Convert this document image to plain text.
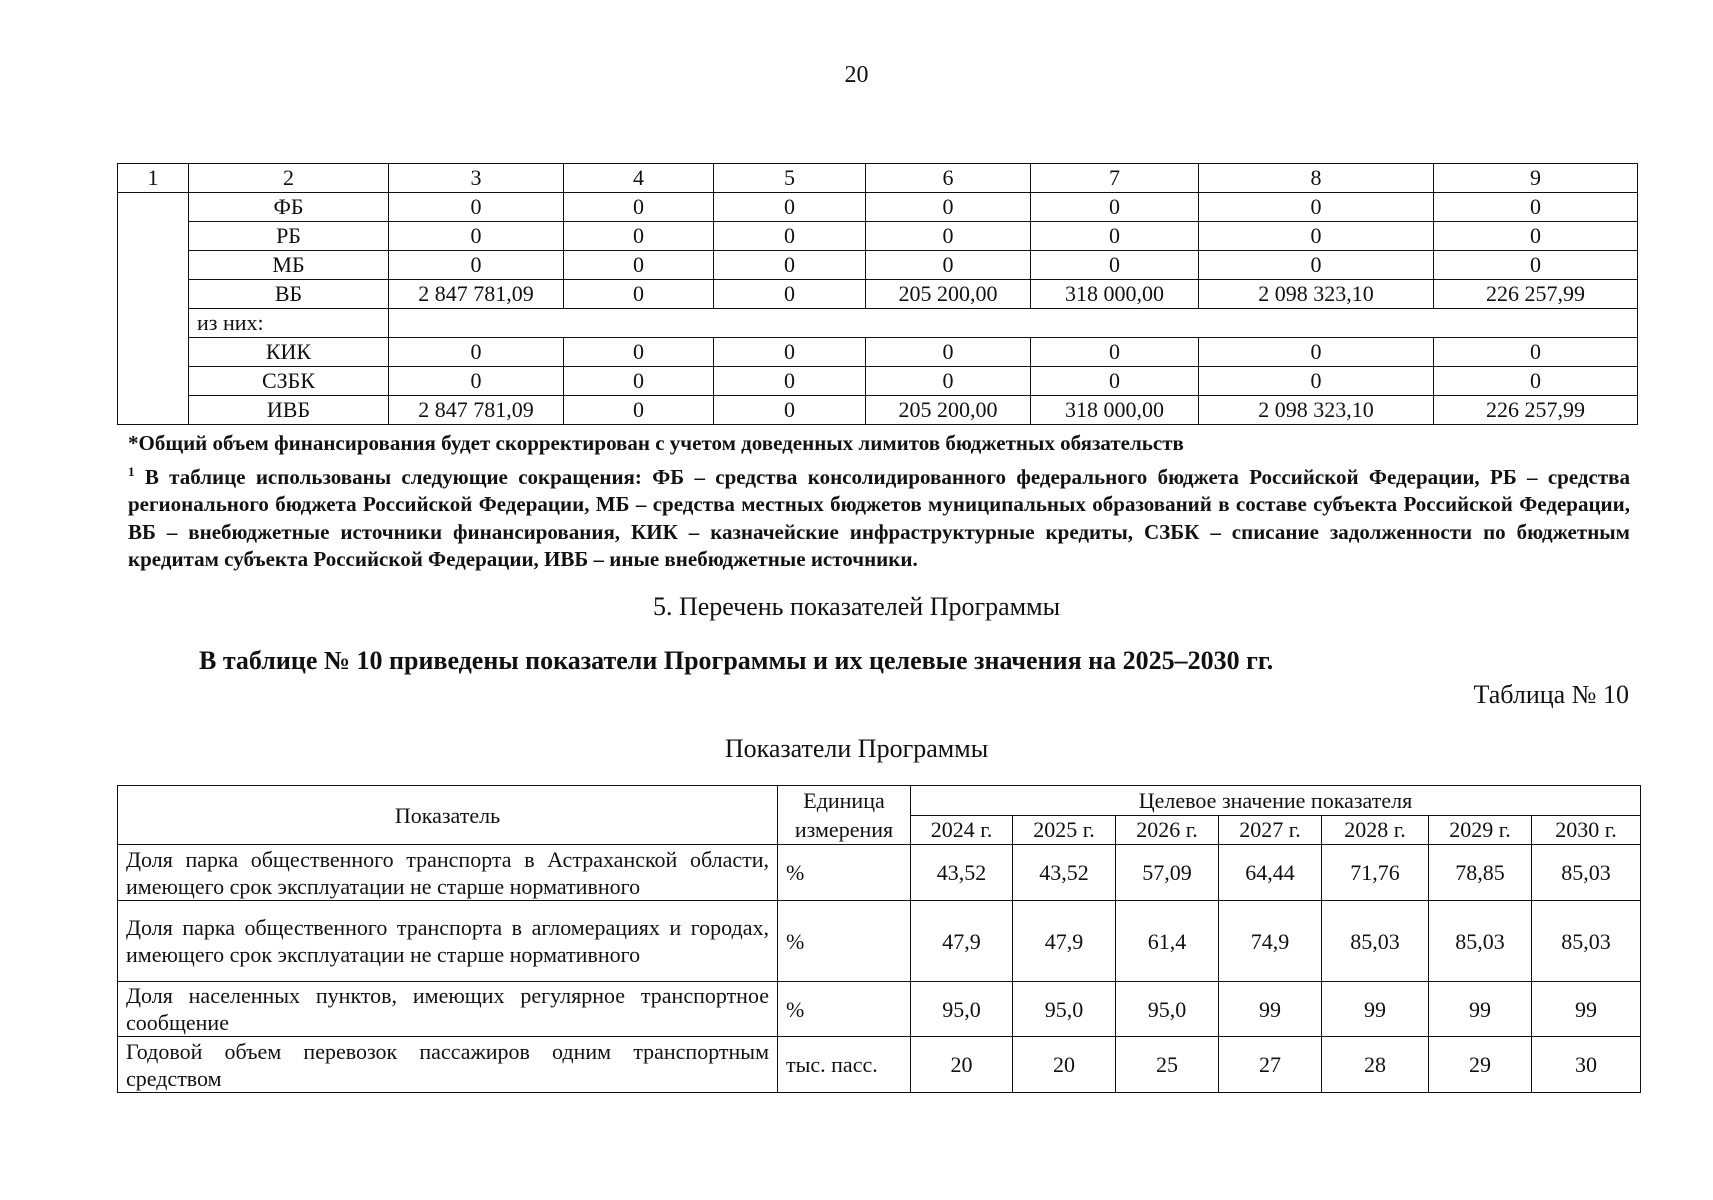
20
1	2	3	4	5	6	7	8	9
	ФБ	0	0	0	0	0	0	0
	РБ	0	0	0	0	0	0	0
	МБ	0	0	0	0	0	0	0
	ВБ	2 847 781,09	0	0	205 200,00	318 000,00	2 098 323,10	226 257,99
	из них:							
	КИК	0	0	0	0	0	0	0
	СЗБК	0	0	0	0	0	0	0
	ИВБ	2 847 781,09	0	0	205 200,00	318 000,00	2 098 323,10	226 257,99

*Общий объем финансирования будет скорректирован с учетом доведенных лимитов бюджетных обязательств

$^1$ В таблице использованы следующие сокращения: ФБ – средства консолидированного федерального бюджета Российской Федерации, РБ – средства регионального бюджета Российской Федерации, МБ – средства местных бюджетов муниципальных образований в составе субъекта Российской Федерации, ВБ – внебюджетные источники финансирования, КИК – казначейские инфраструктурные кредиты, СЗБК – списание задолженности по бюджетным кредитам субъекта Российской Федерации, ИВБ – иные внебюджетные источники.

5. Перечень показателей Программы
В таблице № 10 приведены показатели Программы и их целевые значения на 2025–2030 гг.
Таблица № 10
Показатели Программы
Показатель	Единица измерения	Целевое значение показателя						
		2024 г.	2025 г.	2026 г.	2027 г.	2028 г.	2029 г.	2030 г.
Доля парка общественного транспорта в Астраханской области, имеющего срок эксплуатации не старше нормативного	%	43,52	43,52	57,09	64,44	71,76	78,85	85,03
Доля парка общественного транспорта в агломерациях и городах, имеющего срок эксплуатации не старше нормативного	%	47,9	47,9	61,4	74,9	85,03	85,03	85,03
Доля населенных пунктов, имеющих регулярное транспортное сообщение	%	95,0	95,0	95,0	99	99	99	99
Годовой объем перевозок пассажиров одним транспортным средством	тыс. пасс.	20	20	25	27	28	29	30
